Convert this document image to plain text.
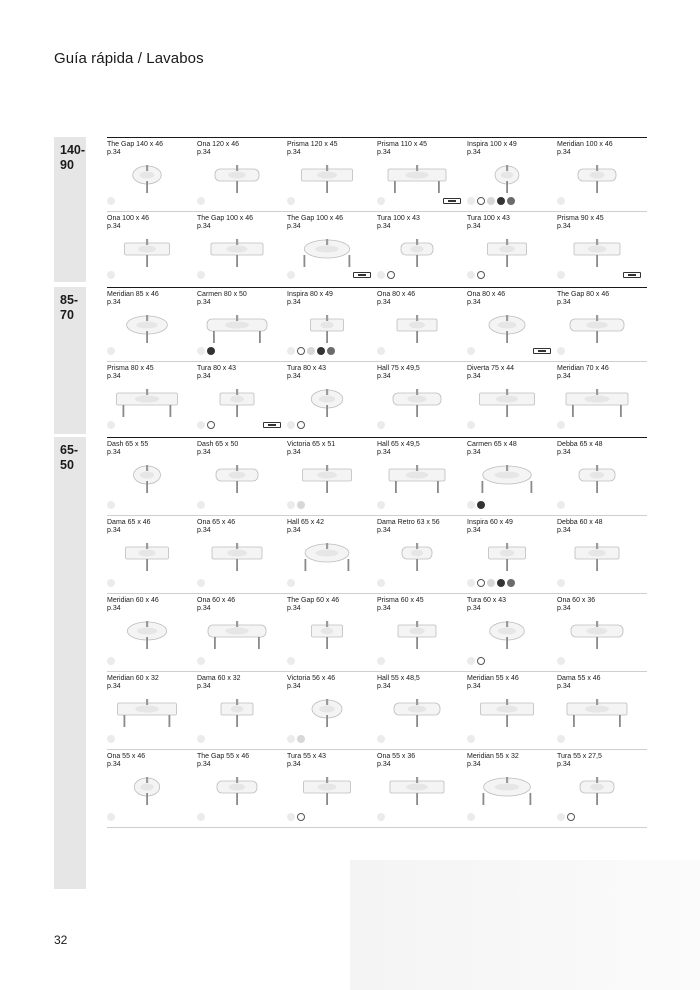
Guía rápida / Lavabos
140-
90
The Gap 140 x 46
p.34
Ona 120 x 46
p.34
Prisma 120 x 45
p.34
Prisma 110 x 45
p.34
Inspira 100 x 49
p.34
Meridian 100 x 46
p.34
Ona 100 x 46
p.34
The Gap 100 x 46
p.34
The Gap 100 x 46
p.34
Tura 100 x 43
p.34
Tura 100 x 43
p.34
Prisma 90 x 45
p.34
85-
70
Meridian 85 x 46
p.34
Carmen 80 x 50
p.34
Inspira 80 x 49
p.34
Ona 80 x 46
p.34
Ona 80 x 46
p.34
The Gap 80 x 46
p.34
Prisma 80 x 45
p.34
Tura 80 x 43
p.34
Tura 80 x 43
p.34
Hall 75 x 49,5
p.34
Diverta 75 x 44
p.34
Meridian 70 x 46
p.34
65-
50
Dash 65 x 55
p.34
Dash 65 x 50
p.34
Victoria 65 x 51
p.34
Hall 65 x 49,5
p.34
Carmen 65 x 48
p.34
Debba 65 x 48
p.34
Dama 65 x 46
p.34
Ona 65 x 46
p.34
Hall 65 x 42
p.34
Dama Retro 63 x 56
p.34
Inspira 60 x 49
p.34
Debba 60 x 48
p.34
Meridian 60 x 46
p.34
Ona 60 x 46
p.34
The Gap 60 x 46
p.34
Prisma 60 x 45
p.34
Tura 60 x 43
p.34
Ona 60 x 36
p.34
Meridian 60 x 32
p.34
Dama 60 x 32
p.34
Victoria 56 x 46
p.34
Hall 55 x 48,5
p.34
Meridian 55 x 46
p.34
Dama 55 x 46
p.34
Ona 55 x 46
p.34
The Gap 55 x 46
p.34
Tura 55 x 43
p.34
Ona 55 x 36
p.34
Meridian 55 x 32
p.34
Tura 55 x 27,5
p.34
32
